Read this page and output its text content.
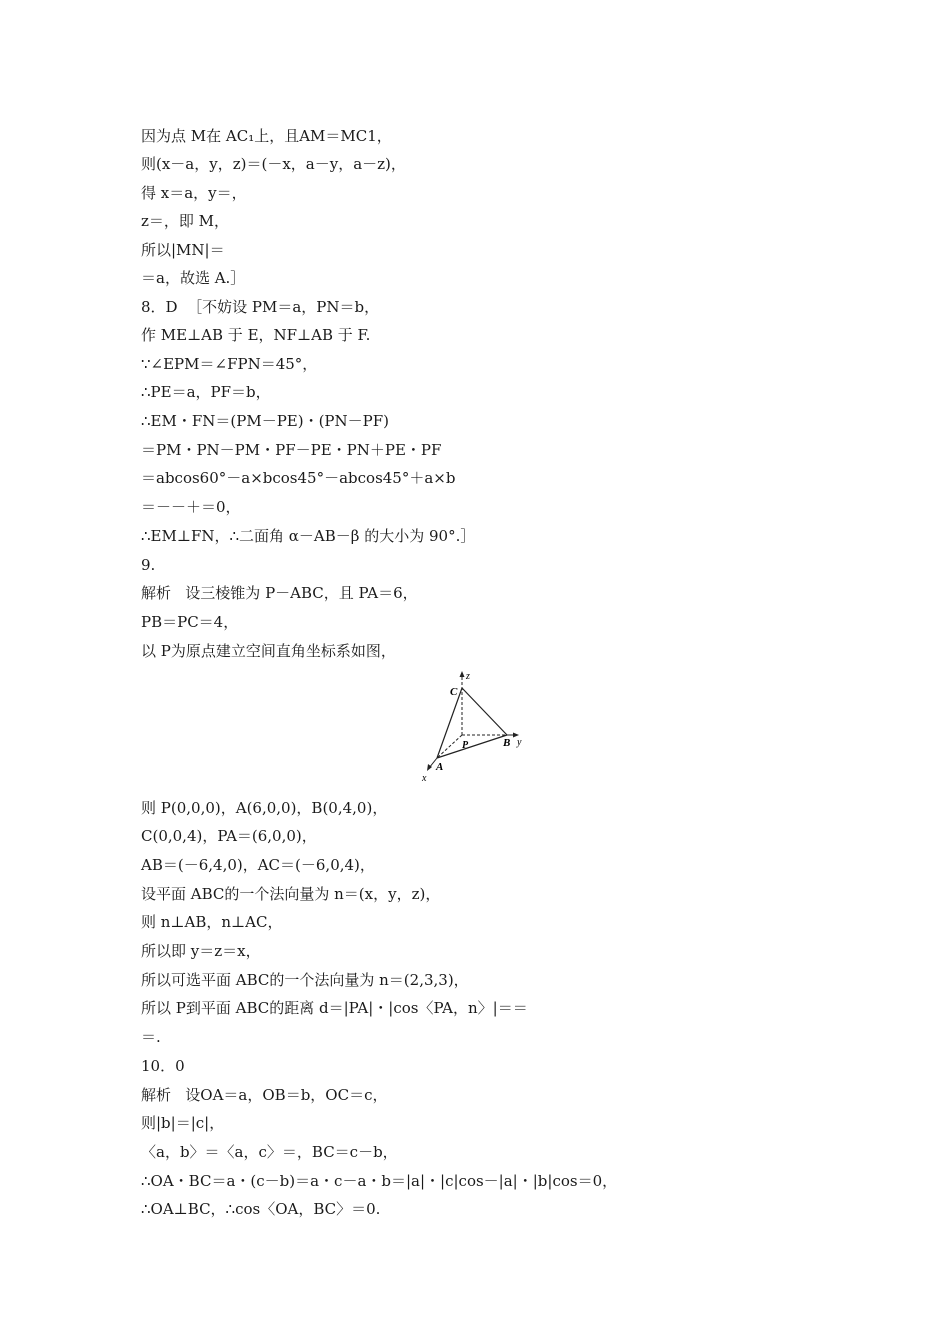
因为点 M在 AC₁上，且AM＝MC1，
则(x－a，y，z)＝(－x，a－y，a－z)，
得 x＝a，y＝，
z＝，即 M，
所以|MN|＝
＝a，故选 A.］
8．D  ［不妨设 PM＝a，PN＝b，
作 ME⊥AB 于 E，NF⊥AB 于 F.
∵∠EPM＝∠FPN＝45°，
∴PE＝a，PF＝b，
∴EM・FN＝(PM－PE)・(PN－PF)
＝PM・PN－PM・PF－PE・PN＋PE・PF
＝abcos60°－a×bcos45°－abcos45°＋a×b
＝－－＋＝0，
∴EM⊥FN，∴二面角 α－AB－β 的大小为 90°.］
9.
解析   设三棱锥为 P－ABC，且 PA＝6，
PB＝PC＝4，
以 P为原点建立空间直角坐标系如图，
z
y
x
C
P	B
A
则 P(0,0,0)，A(6,0,0)，B(0,4,0)，
C(0,0,4)，PA＝(6,0,0)，
AB＝(－6,4,0)，AC＝(－6,0,4)，
设平面 ABC的一个法向量为 n＝(x，y，z)，
则 n⊥AB，n⊥AC，
所以即 y＝z＝x，
所以可选平面 ABC的一个法向量为 n＝(2,3,3)，
所以 P到平面 ABC的距离 d＝|PA|・|cos〈PA，n〉|＝＝
＝.
10．0
解析   设OA＝a，OB＝b，OC＝c，
则|b|＝|c|，
〈a，b〉＝〈a，c〉＝，BC＝c－b，
∴OA・BC＝a・(c－b)＝a・c－a・b＝|a|・|c|cos－|a|・|b|cos＝0，
∴OA⊥BC，∴cos〈OA，BC〉＝0.
